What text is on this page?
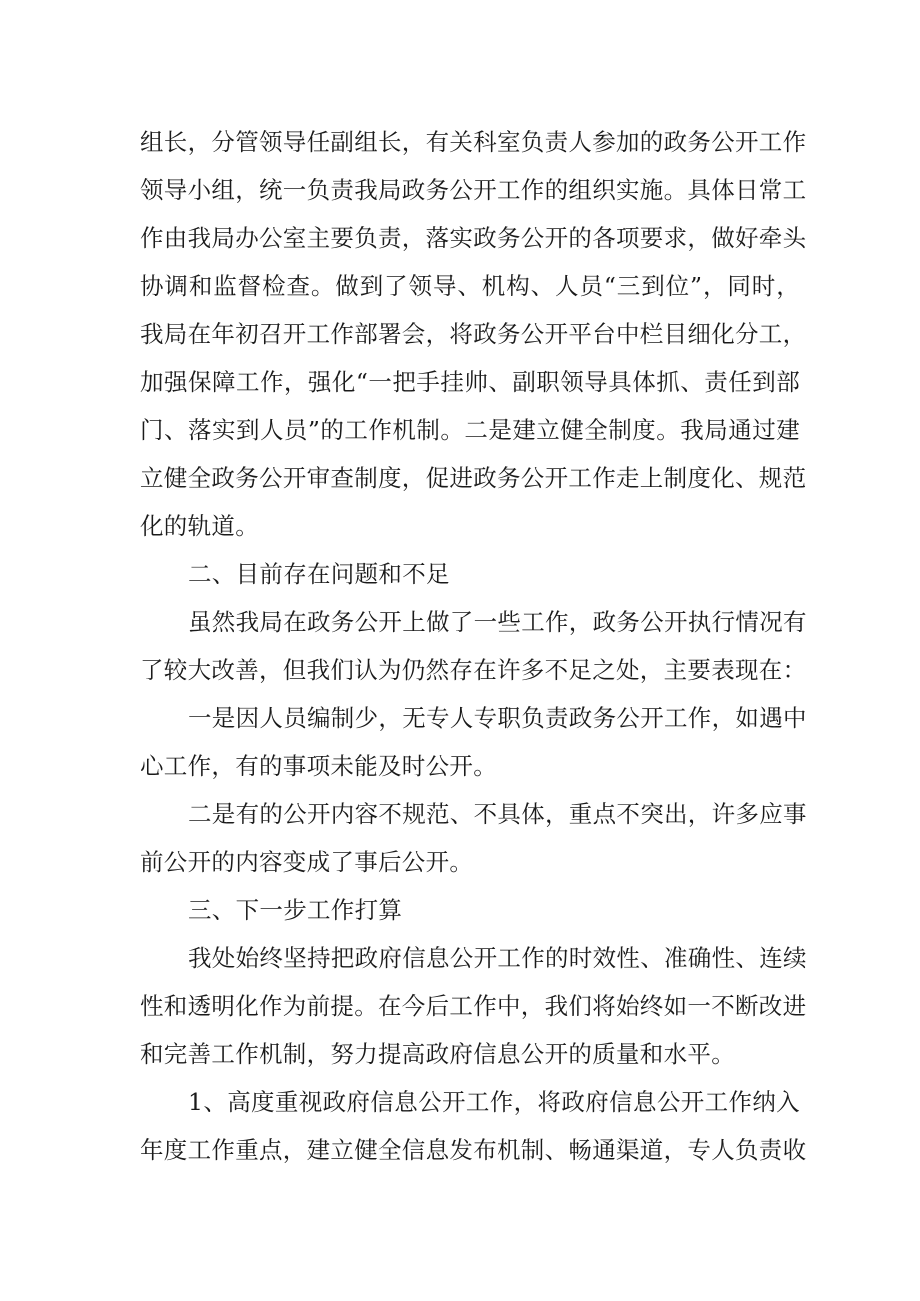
组长，分管领导任副组长，有关科室负责人参加的政务公开工作
领导小组，统一负责我局政务公开工作的组织实施。具体日常工
作由我局办公室主要负责，落实政务公开的各项要求，做好牵头
协调和监督检查。做到了领导、机构、人员“三到位”，同时，
我局在年初召开工作部署会，将政务公开平台中栏目细化分工，
加强保障工作，强化“一把手挂帅、副职领导具体抓、责任到部
门、落实到人员”的工作机制。二是建立健全制度。我局通过建
立健全政务公开审查制度，促进政务公开工作走上制度化、规范
化的轨道。
二、目前存在问题和不足
虽然我局在政务公开上做了一些工作，政务公开执行情况有
了较大改善，但我们认为仍然存在许多不足之处，主要表现在：
一是因人员编制少，无专人专职负责政务公开工作，如遇中
心工作，有的事项未能及时公开。
二是有的公开内容不规范、不具体，重点不突出，许多应事
前公开的内容变成了事后公开。
三、下一步工作打算
我处始终坚持把政府信息公开工作的时效性、准确性、连续
性和透明化作为前提。在今后工作中，我们将始终如一不断改进
和完善工作机制，努力提高政府信息公开的质量和水平。
1、高度重视政府信息公开工作，将政府信息公开工作纳入
年度工作重点，建立健全信息发布机制、畅通渠道，专人负责收
